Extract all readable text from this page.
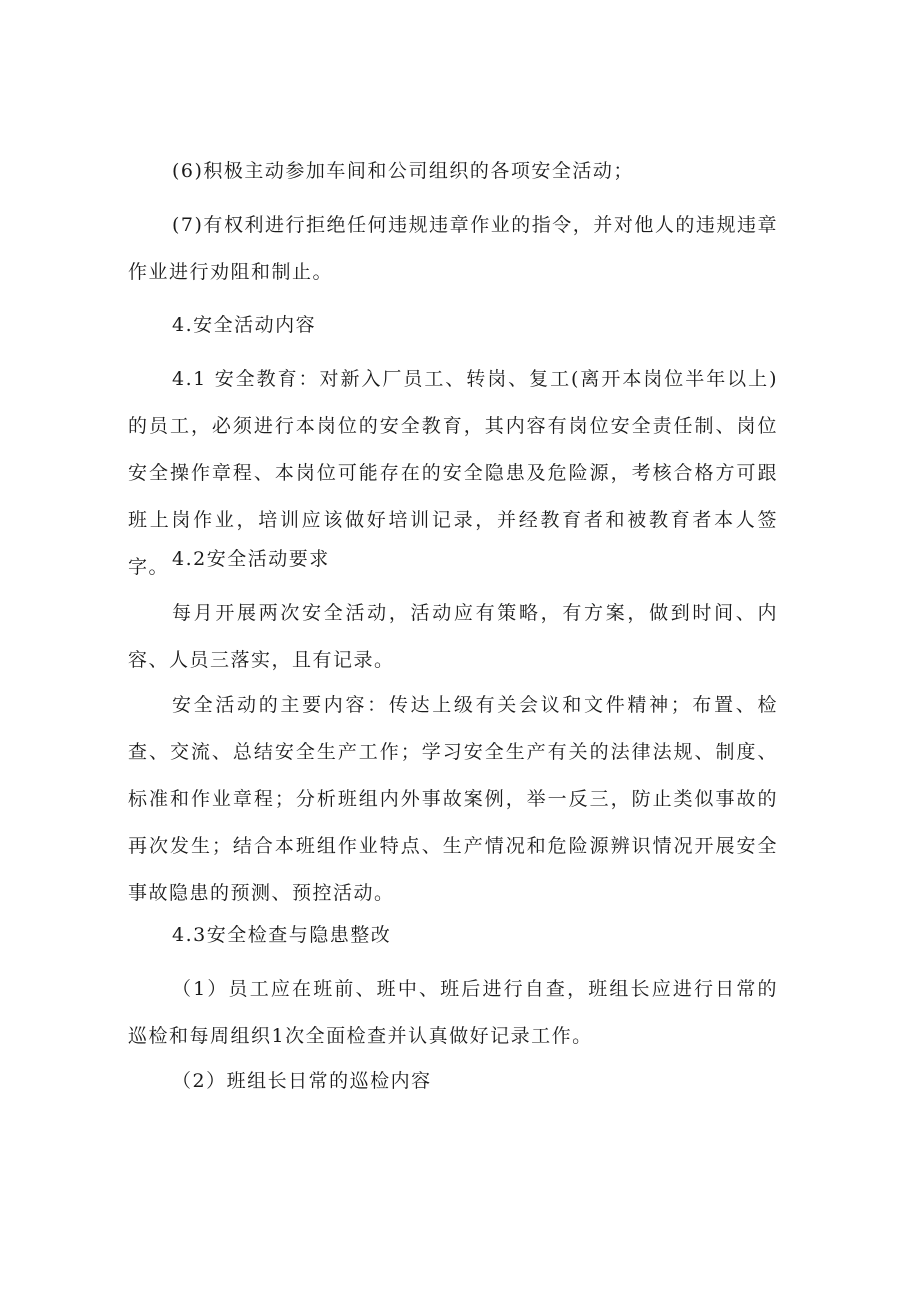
(6)积极主动参加车间和公司组织的各项安全活动；

(7)有权利进行拒绝任何违规违章作业的指令，并对他人的违规违章作业进行劝阻和制止。

4.安全活动内容

4.1 安全教育：对新入厂员工、转岗、复工(离开本岗位半年以上)的员工，必须进行本岗位的安全教育，其内容有岗位安全责任制、岗位安全操作章程、本岗位可能存在的安全隐患及危险源，考核合格方可跟班上岗作业，培训应该做好培训记录，并经教育者和被教育者本人签字。 4.2安全活动要求

每月开展两次安全活动，活动应有策略，有方案，做到时间、内容、人员三落实，且有记录。

安全活动的主要内容：传达上级有关会议和文件精神；布置、检查、交流、总结安全生产工作；学习安全生产有关的法律法规、制度、标准和作业章程；分析班组内外事故案例，举一反三，防止类似事故的再次发生；结合本班组作业特点、生产情况和危险源辨识情况开展安全事故隐患的预测、预控活动。

4.3安全检查与隐患整改

（1）员工应在班前、班中、班后进行自查，班组长应进行日常的巡检和每周组织1次全面检查并认真做好记录工作。

（2）班组长日常的巡检内容
